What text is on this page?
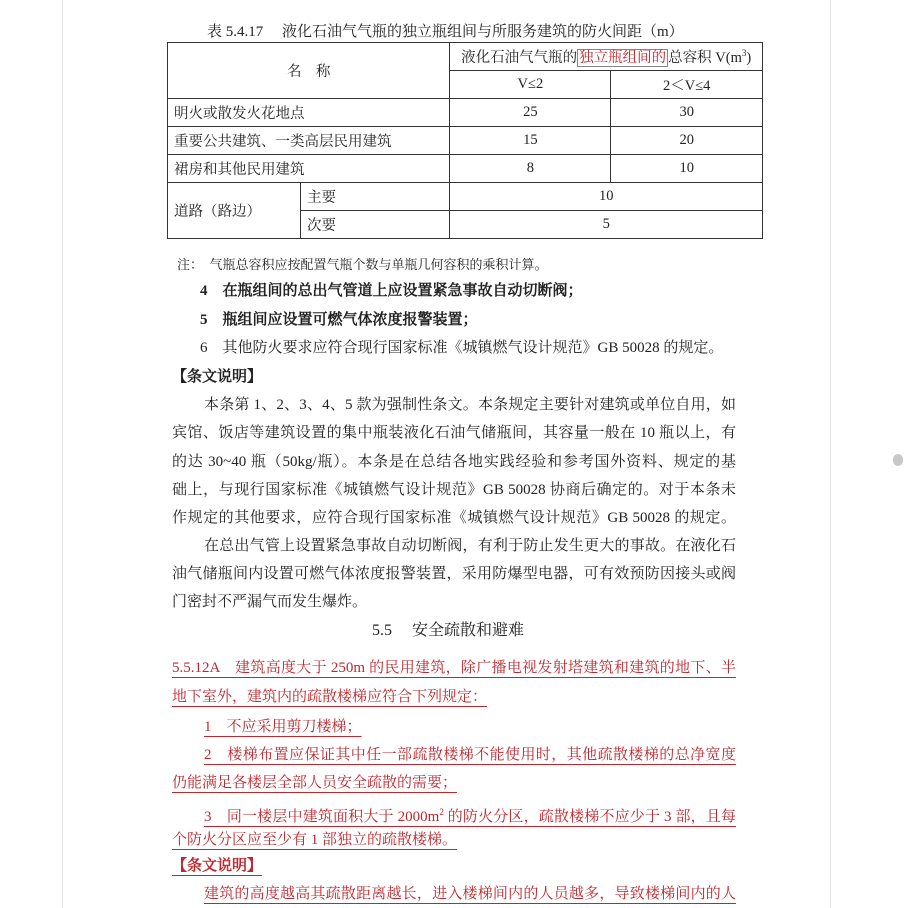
表 5.4.17　 液化石油气气瓶的独立瓶组间与所服务建筑的防火间距（m）
名　称		液化石油气气瓶的 独立瓶组间的 总容积 $V(m^3)$	
		V≤2	2＜V≤4
明火或散发火花地点		25	30
重要公共建筑、一类高层民用建筑		15	20
裙房和其他民用建筑		8	10
道路（路边）	主要	10	
	次要	5	
注：　气瓶总容积应按配置气瓶个数与单瓶几何容积的乘积计算。
4　在瓶组间的总出气管道上应设置紧急事故自动切断阀；
5　瓶组间应设置可燃气体浓度报警装置；
6　其他防火要求应符合现行国家标准《城镇燃气设计规范》GB 50028 的规定。
【条文说明】
本条第 1、2、3、4、5 款为强制性条文。本条规定主要针对建筑或单位自用，如
宾馆、饭店等建筑设置的集中瓶装液化石油气储瓶间，其容量一般在 10 瓶以上，有
的达 30~40 瓶（50kg/瓶）。本条是在总结各地实践经验和参考国外资料、规定的基
础上，与现行国家标准《城镇燃气设计规范》GB 50028 协商后确定的。对于本条未
作规定的其他要求，应符合现行国家标准《城镇燃气设计规范》GB 50028 的规定。
在总出气管上设置紧急事故自动切断阀，有利于防止发生更大的事故。在液化石
油气储瓶间内设置可燃气体浓度报警装置，采用防爆型电器，可有效预防因接头或阀
门密封不严漏气而发生爆炸。
5.5　 安全疏散和避难
5.5.12A　建筑高度大于 250m 的民用建筑，除广播电视发射塔建筑和建筑的地下、半
地下室外，建筑内的疏散楼梯应符合下列规定：
1　不应采用剪刀楼梯；
2　楼梯布置应保证其中任一部疏散楼梯不能使用时，其他疏散楼梯的总净宽度
仍能满足各楼层全部人员安全疏散的需要；
3　同一楼层中建筑面积大于 $2000m^2$ 的防火分区，疏散楼梯不应少于 3 部，且每
个防火分区应至少有 1 部独立的疏散楼梯。
【条文说明】
建筑的高度越高其疏散距离越长，进入楼梯间内的人员越多，导致楼梯间内的人
